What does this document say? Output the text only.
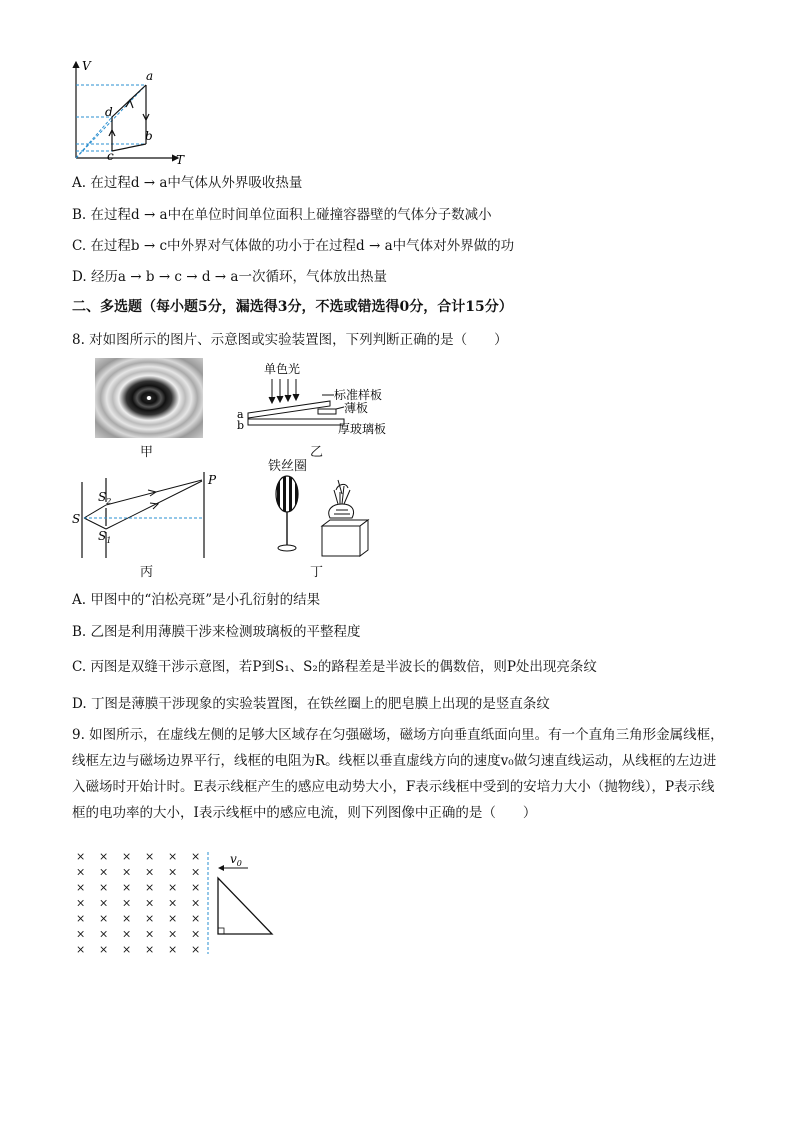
V
T
a
b
c
d
A. 在过程d → a中气体从外界吸收热量
B. 在过程d → a中在单位时间单位面积上碰撞容器壁的气体分子数减小
C. 在过程b → c中外界对气体做的功小于在过程d → a中气体对外界做的功
D. 经历a → b → c → d → a一次循环，气体放出热量
二、多选题（每小题5分，漏选得3分，不选或错选得0分，合计15分）
8. 对如图所示的图片、示意图或实验装置图，下列判断正确的是（　　）
甲
单色光
标准样板
薄板
厚玻璃板
a
b
乙
S
$S_2$
$S_1$
P
丙
铁丝圈
丁
A. 甲图中的“泊松亮斑”是小孔衍射的结果
B. 乙图是利用薄膜干涉来检测玻璃板的平整程度
C. 丙图是双缝干涉示意图，若P到S₁、S₂的路程差是半波长的偶数倍，则P处出现亮条纹
D. 丁图是薄膜干涉现象的实验装置图，在铁丝圈上的肥皂膜上出现的是竖直条纹
9. 如图所示，在虚线左侧的足够大区域存在匀强磁场，磁场方向垂直纸面向里。有一个直角三角形金属线框，线框左边与磁场边界平行，线框的电阻为R。线框以垂直虚线方向的速度v₀做匀速直线运动，从线框的左边进入磁场时开始计时。E表示线框产生的感应电动势大小，F表示线框中受到的安培力大小（抛物线），P表示线框的电功率的大小，I表示线框中的感应电流，则下列图像中正确的是（　　）
× × × × × ×
× × × × × ×
× × × × × ×
× × × × × ×
× × × × × ×
× × × × × ×
× × × × × ×
$v_0$
